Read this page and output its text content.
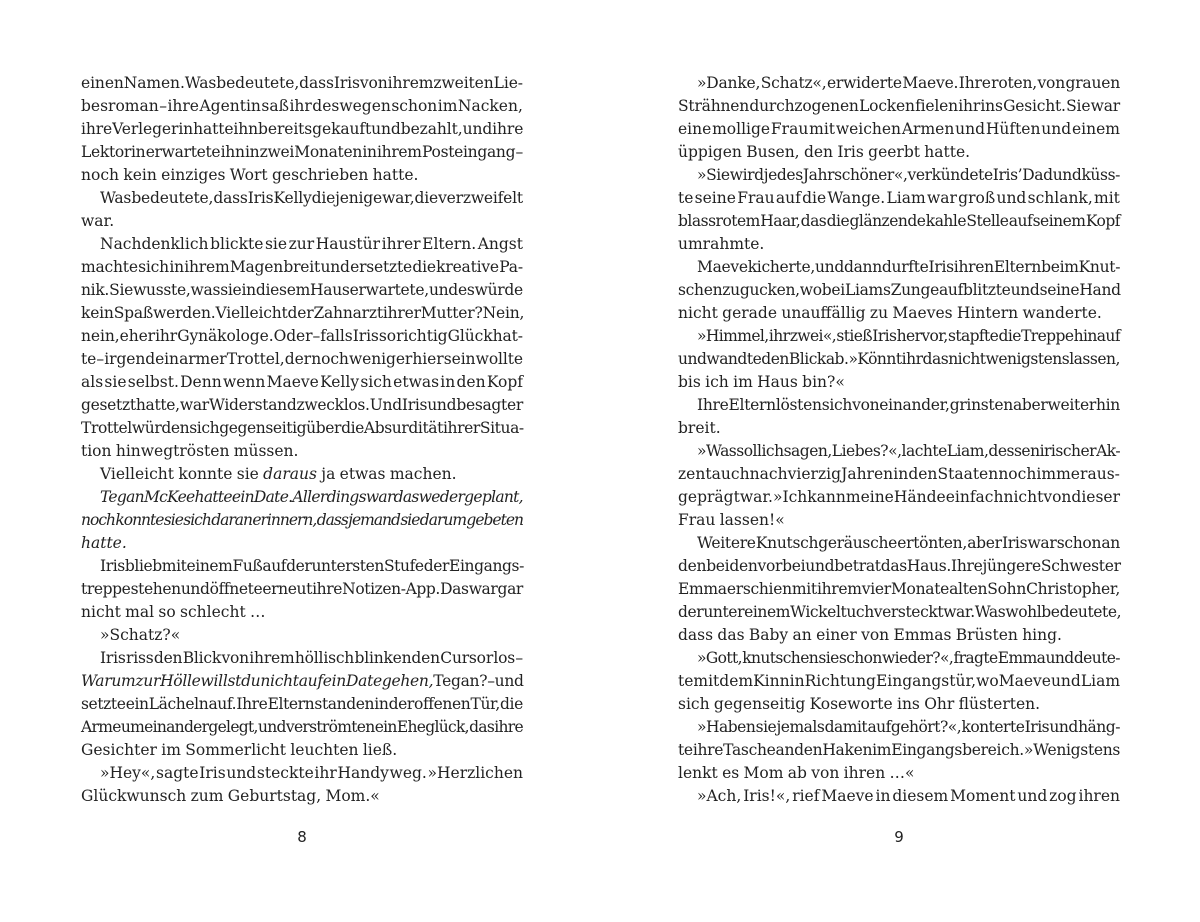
einen Namen. Was bedeutete, dass Iris von ihrem zweiten Lie-
besroman – ihre Agentin saß ihr deswegen schon im Nacken,
ihre Verlegerin hatte ihn bereits gekauft und bezahlt, und ihre
Lektorin erwartete ihn in zwei Monaten in ihrem Posteingang –
noch kein einziges Wort geschrieben hatte.
Was bedeutete, dass Iris Kelly diejenige war, die verzweifelt
war.
Nachdenklich blickte sie zur Haustür ihrer Eltern. Angst
machte sich in ihrem Magen breit und ersetzte die kreative Pa-
nik. Sie wusste, was sie in diesem Haus erwartete, und es würde
kein Spaß werden. Vielleicht der Zahnarzt ihrer Mutter? Nein,
nein, eher ihr Gynäkologe. Oder – falls Iris so richtig Glück hat-
te – irgendein armer Trottel, der noch weniger hier sein wollte
als sie selbst. Denn wenn Maeve Kelly sich etwas in den Kopf
gesetzt hatte, war Widerstand zwecklos. Und Iris und besagter
Trottel würden sich gegenseitig über die Absurdität ihrer Situa-
tion hinwegtrösten müssen.
Vielleicht konnte sie daraus ja etwas machen.
Tegan McKee hatte ein Date. Allerdings war das weder geplant,
noch konnte sie sich daran erinnern, dass jemand sie darum gebeten
hatte.
Iris blieb mit einem Fuß auf der untersten Stufe der Eingangs-
treppe stehen und öffnete erneut ihre Notizen-App. Das war gar
nicht mal so schlecht …
»Schatz?«
Iris riss den Blick von ihrem höllisch blinkenden Cursor los –
Warum zur Hölle willst du nicht auf ein Date gehen, Tegan? – und
setzte ein Lächeln auf. Ihre Eltern standen in der offenen Tür, die
Arme umeinandergelegt, und verströmten ein Eheglück, das ihre
Gesichter im Sommerlicht leuchten ließ.
»Hey«, sagte Iris und steckte ihr Handy weg. »Herzlichen
Glückwunsch zum Geburtstag, Mom.«
8
»Danke, Schatz«, erwiderte Maeve. Ihre roten, von grauen
Strähnen durchzogenen Locken fielen ihr ins Gesicht. Sie war
eine mollige Frau mit weichen Armen und Hüften und einem
üppigen Busen, den Iris geerbt hatte.
»Sie wird jedes Jahr schöner«, verkündete Iris’ Dad und küss-
te seine Frau auf die Wange. Liam war groß und schlank, mit
blassrotem Haar, das die glänzende kahle Stelle auf seinem Kopf
umrahmte.
Maeve kicherte, und dann durfte Iris ihren Eltern beim Knut-
schen zugucken, wobei Liams Zunge aufblitzte und seine Hand
nicht gerade unauffällig zu Maeves Hintern wanderte.
»Himmel, ihr zwei«, stieß Iris hervor, stapfte die Treppe hinauf
und wandte den Blick ab. »Könnt ihr das nicht wenigstens lassen,
bis ich im Haus bin?«
Ihre Eltern lösten sich voneinander, grinsten aber weiterhin
breit.
»Was soll ich sagen, Liebes?«, lachte Liam, dessen irischer Ak-
zent auch nach vierzig Jahren in den Staaten noch immer aus-
geprägt war. »Ich kann meine Hände einfach nicht von dieser
Frau lassen!«
Weitere Knutschgeräusche ertönten, aber Iris war schon an
den beiden vorbei und betrat das Haus. Ihre jüngere Schwester
Emma erschien mit ihrem vier Monate alten Sohn Christopher,
der unter einem Wickeltuch versteckt war. Was wohl bedeutete,
dass das Baby an einer von Emmas Brüsten hing.
»Gott, knutschen sie schon wieder?«, fragte Emma und deute-
te mit dem Kinn in Richtung Eingangstür, wo Maeve und Liam
sich gegenseitig Koseworte ins Ohr flüsterten.
»Haben sie jemals damit aufgehört?«, konterte Iris und häng-
te ihre Tasche an den Haken im Eingangsbereich. »Wenigstens
lenkt es Mom ab von ihren …«
»Ach, Iris!«, rief Maeve in diesem Moment und zog ihren
9
